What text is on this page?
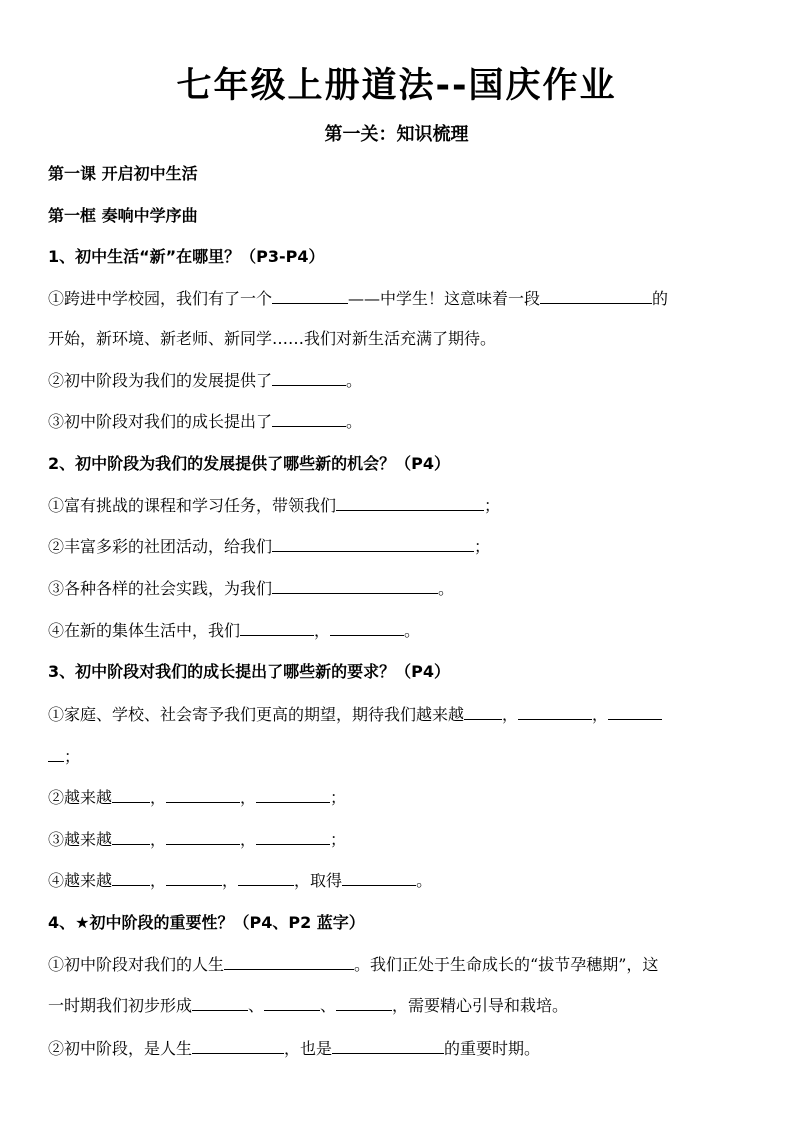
七年级上册道法--国庆作业
第一关：知识梳理
第一课 开启初中生活
第一框 奏响中学序曲
1、初中生活“新”在哪里？（P3-P4）
①跨进中学校园，我们有了一个	——中学生！这意味着一段	的
开始，新环境、新老师、新同学……我们对新生活充满了期待。
②初中阶段为我们的发展提供了	。
③初中阶段对我们的成长提出了	。
2、初中阶段为我们的发展提供了哪些新的机会？（P4）
①富有挑战的课程和学习任务，带领我们	；
②丰富多彩的社团活动，给我们	；
③各种各样的社会实践，为我们	。
④在新的集体生活中，我们	，	。
3、初中阶段对我们的成长提出了哪些新的要求？（P4）
①家庭、学校、社会寄予我们更高的期望，期待我们越来越 ，	，
；
②越来越 ，	，	；
③越来越 ，	，	；
④越来越 ，	，	，取得	。
4、★初中阶段的重要性？（P4、P2 蓝字）
①初中阶段对我们的人生	。我们正处于生命成长的“拔节孕穗期”，这
一时期我们初步形成	、	、	，需要精心引导和栽培。
②初中阶段，是人生	，也是	的重要时期。
